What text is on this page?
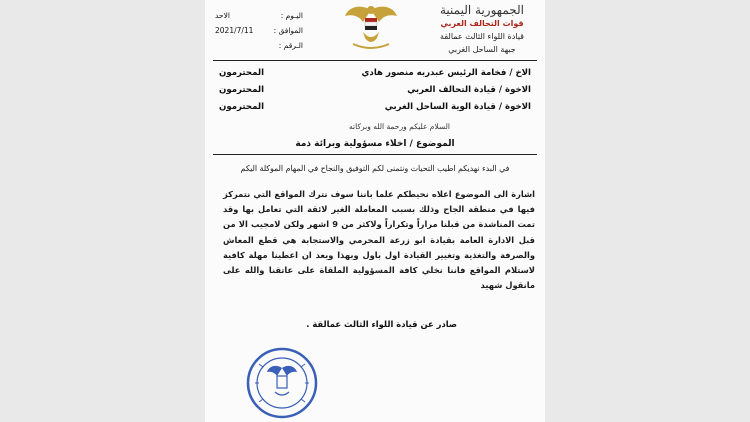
الجمهورية اليمنية
قوات التحالف العربي
قيادة اللواء الثالث عمالقة
جبهة الساحل الغربي
الاحد	اليـوم :
2021/7/11	الموافق :
الـرقم :
الاخ / فخامة الرئيس عبدربه منصور هادي
المحترمون
الاخوة / قيادة التحالف العربي
المحترمون
الاخوة / قيادة الوية الساحل الغربي
المحترمون
السلام عليكم ورحمة الله وبركاته
الموضوع / اخلاء مسؤولية وبرائة ذمة
في البدء نهديكم اطيب التحيات ونتمنى لكم التوفيق والنجاح في المهام الموكلة اليكم
اشارة الى الموضوع اعلاه نحيطكم علما باننا سوف نترك المواقع التي نتمركز فيها في منطقة الجاح وذلك بسبب المعاملة الغير لائقة التي تعامل بها وقد تمت المناشدة من قبلنا مراراً وتكراراً ولاكثر من 9 اشهر ولكن لامجيب الا من قبل الادارة العامة بقيادة ابو زرعة المحرمي والاستجابة هي قطع المعاش والصرفة والتغذية وتغيير القيادة اول باول وبهذا ويعد ان اعطينا مهلة كافية لاستلام المواقع فاننا نخلي كافة المسؤولية الملقاة على عاتقنا والله على مانقول شهيد
صادر عن قيادة اللواء الثالث عمالقة .
